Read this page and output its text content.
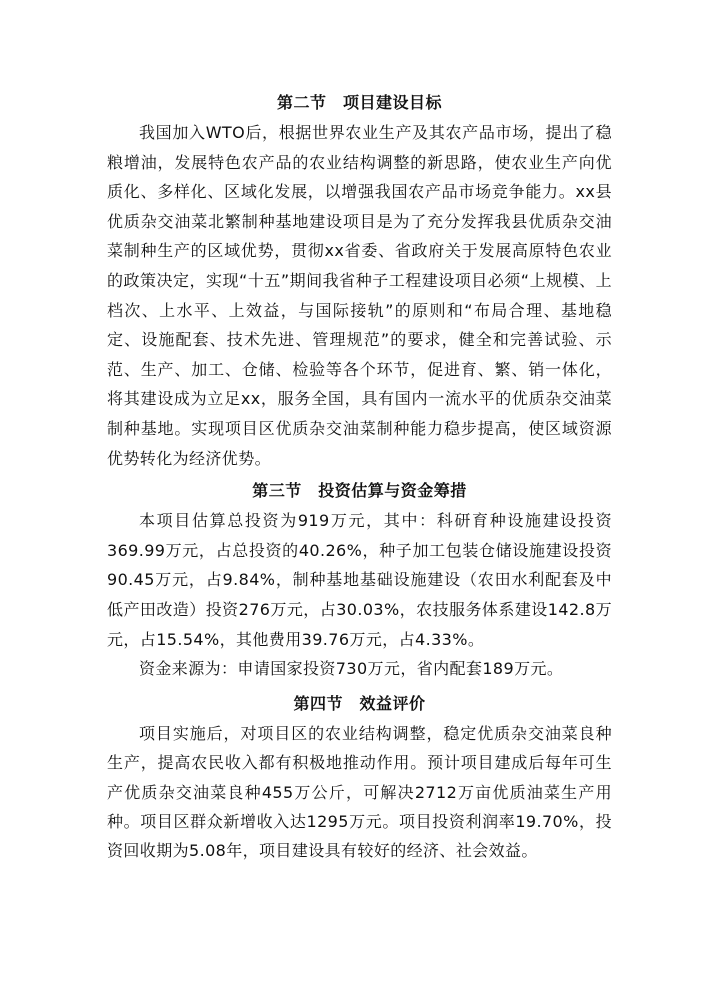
第二节　项目建设目标

我国加入WTO后，根据世界农业生产及其农产品市场，提出了稳粮增油，发展特色农产品的农业结构调整的新思路，使农业生产向优质化、多样化、区域化发展，以增强我国农产品市场竞争能力。xx县优质杂交油菜北繁制种基地建设项目是为了充分发挥我县优质杂交油菜制种生产的区域优势，贯彻xx省委、省政府关于发展高原特色农业的政策决定，实现“十五”期间我省种子工程建设项目必须“上规模、上档次、上水平、上效益，与国际接轨”的原则和“布局合理、基地稳定、设施配套、技术先进、管理规范”的要求，健全和完善试验、示范、生产、加工、仓储、检验等各个环节，促进育、繁、销一体化，将其建设成为立足xx，服务全国，具有国内一流水平的优质杂交油菜制种基地。实现项目区优质杂交油菜制种能力稳步提高，使区域资源优势转化为经济优势。

第三节　投资估算与资金筹措

本项目估算总投资为919万元，其中：科研育种设施建设投资369.99万元，占总投资的40.26%，种子加工包装仓储设施建设投资90.45万元，占9.84%，制种基地基础设施建设（农田水利配套及中低产田改造）投资276万元，占30.03%，农技服务体系建设142.8万元，占15.54%，其他费用39.76万元，占4.33%。

资金来源为：申请国家投资730万元，省内配套189万元。

第四节　效益评价

项目实施后，对项目区的农业结构调整，稳定优质杂交油菜良种生产，提高农民收入都有积极地推动作用。预计项目建成后每年可生产优质杂交油菜良种455万公斤，可解决2712万亩优质油菜生产用种。项目区群众新增收入达1295万元。项目投资利润率19.70%，投资回收期为5.08年，项目建设具有较好的经济、社会效益。
